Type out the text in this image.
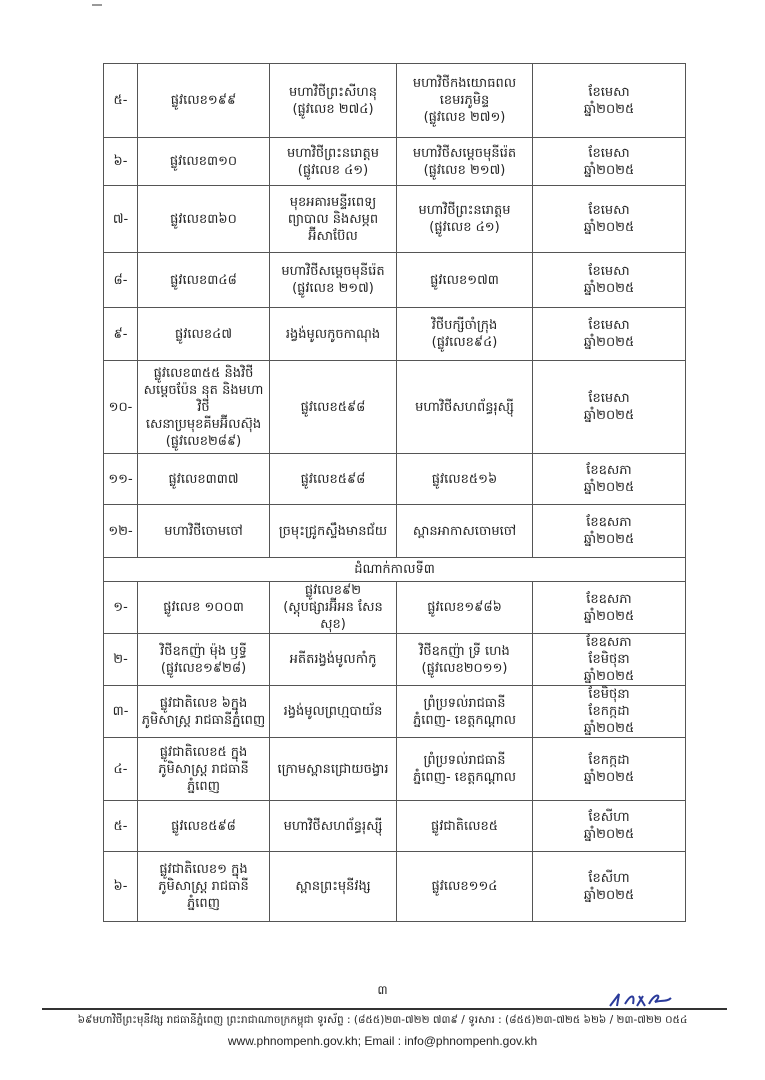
៥-	ផ្លូវលេខ១៩៩	មហាវិថីព្រះសីហនុ
(ផ្លូវលេខ ២៧៤)	មហាវិថីកងយោធពល
ខេមរភូមិន្ទ
(ផ្លូវលេខ ២៧១)	ខែមេសា
ឆ្នាំ២០២៥
៦-	ផ្លូវលេខ៣១០	មហាវិថីព្រះនរោត្តម
(ផ្លូវលេខ ៤១)	មហាវិថីសម្តេចមុនីរ៉េត
(ផ្លូវលេខ ២១៧)	ខែមេសា
ឆ្នាំ២០២៥
៧-	ផ្លូវលេខ៣៦០	មុខអគារមន្ទីរពេទ្យ
ព្យាបាល និងសម្ភព
អ៊ីសាប៊ែល	មហាវិថីព្រះនរោត្តម
(ផ្លូវលេខ ៤១)	ខែមេសា
ឆ្នាំ២០២៥
៨-	ផ្លូវលេខ៣៤៨	មហាវិថីសម្តេចមុនីរ៉េត
(ផ្លូវលេខ ២១៧)	ផ្លូវលេខ១៧៣	ខែមេសា
ឆ្នាំ២០២៥
៩-	ផ្លូវលេខ៤៧	រង្វង់មូលកូចកាណុង	វិថីបក្សីចាំក្រុង
(ផ្លូវលេខ៩៤)	ខែមេសា
ឆ្នាំ២០២៥
១០-	ផ្លូវលេខ៣៥៥ និងវិថី
សម្តេចប៉ែន នុត និងមហាវិថី
សេនាប្រមុខគីមអ៊ីលស៊ុង
(ផ្លូវលេខ២៨៩)	ផ្លូវលេខ៥៩៨	មហាវិថីសហព័ន្ធរុស្ស៊ី	ខែមេសា
ឆ្នាំ២០២៥
១១-	ផ្លូវលេខ៣៣៧	ផ្លូវលេខ៥៩៨	ផ្លូវលេខ៥១៦	ខែឧសភា
ឆ្នាំ២០២៥
១២-	មហាវិថីចោមចៅ	ច្រមុះជ្រូកស្ទឹងមានជ័យ	ស្ពានអាកាសចោមចៅ	ខែឧសភា
ឆ្នាំ២០២៥
ដំណាក់កាលទី៣				
១-	ផ្លូវលេខ ១០០៣	ផ្លូវលេខ៩២
(ស្តុបផ្សារអ៊ីអន សែនសុខ)	ផ្លូវលេខ១៩៨៦	ខែឧសភា
ឆ្នាំ២០២៥
២-	វិថីឧកញ៉ា ម៉ុង ឫទ្ធី
(ផ្លូវលេខ១៩២៨)	អតីតរង្វង់មូលកាំកូ	វិថីឧកញ៉ា ទ្រី ហេង
(ផ្លូវលេខ២០១១)	ខែឧសភា
ខែមិថុនា
ឆ្នាំ២០២៥
៣-	ផ្លូវជាតិលេខ ៦ក្នុង
ភូមិសាស្ត្រ រាជធានីភ្នំពេញ	រង្វង់មូលព្រហ្មបាយ័ន	ព្រំប្រទល់រាជធានី
ភ្នំពេញ- ខេត្តកណ្តាល	ខែមិថុនា
ខែកក្កដា
ឆ្នាំ២០២៥
៤-	ផ្លូវជាតិលេខ៥ ក្នុង
ភូមិសាស្ត្រ រាជធានី
ភ្នំពេញ	ក្រោមស្ពានជ្រោយចង្វារ	ព្រំប្រទល់រាជធានី
ភ្នំពេញ- ខេត្តកណ្តាល	ខែកក្កដា
ឆ្នាំ២០២៥
៥-	ផ្លូវលេខ៥៩៨	មហាវិថីសហព័ន្ធរុស្ស៊ី	ផ្លូវជាតិលេខ៥	ខែសីហា
ឆ្នាំ២០២៥
៦-	ផ្លូវជាតិលេខ១ ក្នុង
ភូមិសាស្ត្រ រាជធានី
ភ្នំពេញ	ស្ពានព្រះមុនីវង្ស	ផ្លូវលេខ១១៤	ខែសីហា
ឆ្នាំ២០២៥
៣
៦៩មហាវិថីព្រះមុនីវង្ស រាជធានីភ្នំពេញ ព្រះរាជាណាចក្រកម្ពុជា ទូរស័ព្ទ : (៨៥៥)២៣-៧២២ ៧៣៩ / ទូរសារ : (៨៥៥)២៣-៧២៥ ៦២៦ / ២៣-៧២២ ០៥៤
www.phnompenh.gov.kh; Email : info@phnompenh.gov.kh
